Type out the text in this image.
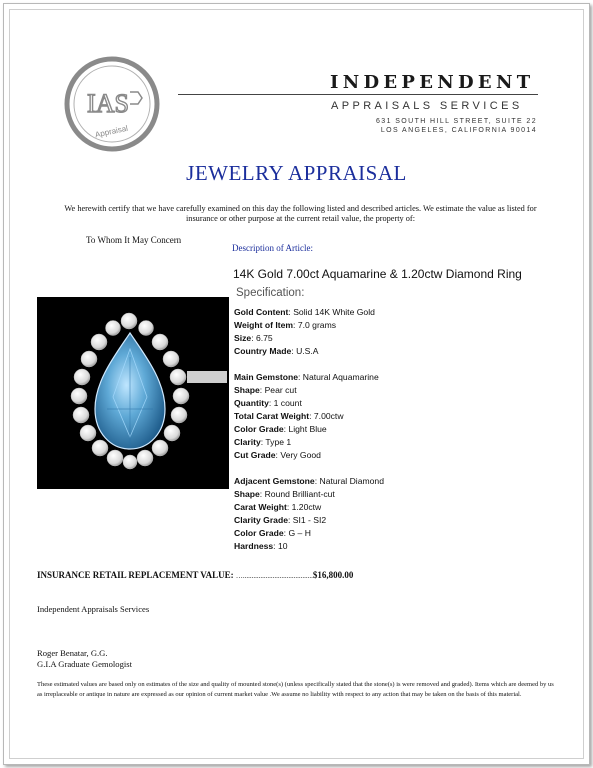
IAS
Appraisal
INDEPENDENT
APPRAISALS SERVICES
631 SOUTH HILL STREET, SUITE 22
LOS ANGELES, CALIFORNIA 90014
JEWELRY APPRAISAL
We herewith certify that we have carefully examined on this day the following listed and described articles. We estimate the value as listed for insurance or other purpose at the current retail value, the property of:
To Whom It May Concern
Description of Article:
14K Gold 7.00ct Aquamarine & 1.20ctw Diamond Ring
Specification:
Gold Content: Solid 14K White Gold
Weight of Item: 7.0 grams
Size: 6.75
Country Made: U.S.A
Main Gemstone: Natural Aquamarine
Shape: Pear cut
Quantity: 1 count
Total Carat Weight: 7.00ctw
Color Grade: Light Blue
Clarity: Type 1
Cut Grade: Very Good
Adjacent Gemstone: Natural Diamond
Shape: Round Brilliant-cut
Carat Weight: 1.20ctw
Clarity Grade: SI1 - SI2
Color Grade: G – H
Hardness: 10
INSURANCE RETAIL REPLACEMENT VALUE: …........................................$16,800.00
Independent Appraisals Services
Roger Benatar, G.G.
G.I.A Graduate Gemologist
These estimated values are based only on estimates of the size and quality of mounted stone(s) (unless specifically stated that the stone(s) is were removed and graded). Items which are deemed by us as irreplaceable or antique in nature are expressed as our opinion of current market value .We assume no liability with respect to any action that may be taken on the basis of this material.
